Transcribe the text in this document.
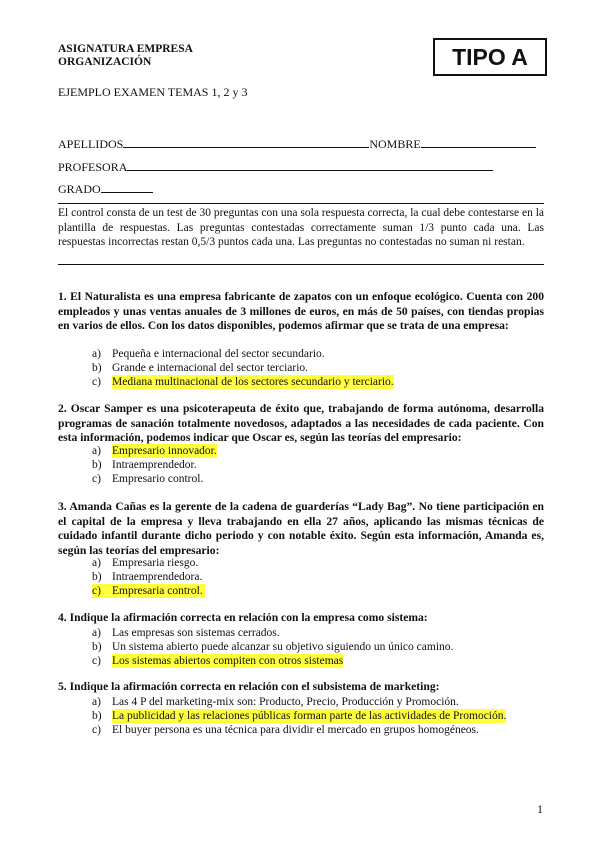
ASIGNATURA EMPRESA
ORGANIZACIÓN	TIPO A
EJEMPLO EXAMEN TEMAS 1, 2 y 3
APELLIDOS	NOMBRE
PROFESORA
GRADO
El control consta de un test de 30 preguntas con una sola respuesta correcta, la cual debe contestarse en la plantilla de respuestas. Las preguntas contestadas correctamente suman 1/3 punto cada una. Las respuestas incorrectas restan 0,5/3 puntos cada una. Las preguntas no contestadas no suman ni restan.
1. El Naturalista es una empresa fabricante de zapatos con un enfoque ecológico. Cuenta con 200 empleados y unas ventas anuales de 3 millones de euros, en más de 50 países, con tiendas propias en varios de ellos. Con los datos disponibles, podemos afirmar que se trata de una empresa:
a) Pequeña e internacional del sector secundario.
b) Grande e internacional del sector terciario.
c) Mediana multinacional de los sectores secundario y terciario.
2. Oscar Samper es una psicoterapeuta de éxito que, trabajando de forma autónoma, desarrolla programas de sanación totalmente novedosos, adaptados a las necesidades de cada paciente. Con esta información, podemos indicar que Oscar es, según las teorías del empresario:
a) Empresario innovador.
b) Intraemprendedor.
c) Empresario control.
3. Amanda Cañas es la gerente de la cadena de guarderías “Lady Bag”. No tiene participación en el capital de la empresa y lleva trabajando en ella 27 años, aplicando las mismas técnicas de cuidado infantil durante dicho periodo y con notable éxito. Según esta información, Amanda es, según las teorías del empresario:
a) Empresaria riesgo.
b) Intraemprendedora.
c) Empresaria control.
4. Indique la afirmación correcta en relación con la empresa como sistema:
a) Las empresas son sistemas cerrados.
b) Un sistema abierto puede alcanzar su objetivo siguiendo un único camino.
c) Los sistemas abiertos compiten con otros sistemas
5. Indique la afirmación correcta en relación con el subsistema de marketing:
a) Las 4 P del marketing-mix son: Producto, Precio, Producción y Promoción.
b) La publicidad y las relaciones públicas forman parte de las actividades de Promoción.
c) El buyer persona es una técnica para dividir el mercado en grupos homogéneos.
1
